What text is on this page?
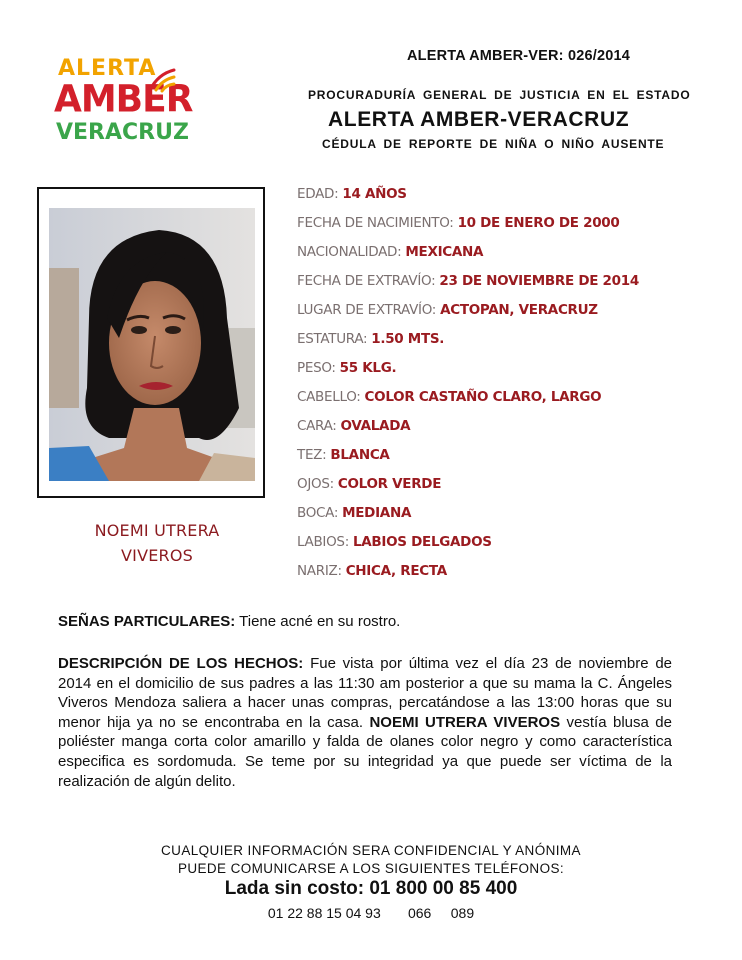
ALERTA AMBER-VER: 026/2014
ALERTA
AMBER
VERACRUZ
PROCURADURÍA GENERAL DE JUSTICIA EN EL ESTADO
ALERTA AMBER-VERACRUZ
CÉDULA DE REPORTE DE NIÑA O NIÑO AUSENTE
NOEMI UTRERA
VIVEROS
EDAD: 14 AÑOS
FECHA DE NACIMIENTO: 10 DE ENERO DE 2000
NACIONALIDAD: MEXICANA
FECHA DE EXTRAVÍO: 23 DE NOVIEMBRE DE 2014
LUGAR DE EXTRAVÍO: ACTOPAN, VERACRUZ
ESTATURA: 1.50 MTS.
PESO: 55 KLG.
CABELLO: COLOR CASTAÑO CLARO, LARGO
CARA: OVALADA
TEZ: BLANCA
OJOS: COLOR VERDE
BOCA: MEDIANA
LABIOS: LABIOS DELGADOS
NARIZ: CHICA, RECTA
SEÑAS PARTICULARES: Tiene acné en su rostro.
DESCRIPCIÓN DE LOS HECHOS: Fue vista por última vez el día 23 de noviembre de 2014 en el domicilio de sus padres a las 11:30 am posterior a que su mama la C. Ángeles Viveros Mendoza saliera a hacer unas compras, percatándose a las 13:00 horas que su menor hija ya no se encontraba en la casa. NOEMI UTRERA VIVEROS vestía blusa de poliéster manga corta color amarillo y falda de olanes color negro y como característica especifica es sordomuda. Se teme por su integridad ya que puede ser víctima de la realización de algún delito.
CUALQUIER INFORMACIÓN SERA CONFIDENCIAL Y ANÓNIMA
PUEDE COMUNICARSE A LOS SIGUIENTES TELÉFONOS:
Lada sin costo: 01 800 00 85 400
01 22 88 15 04 93       066     089
